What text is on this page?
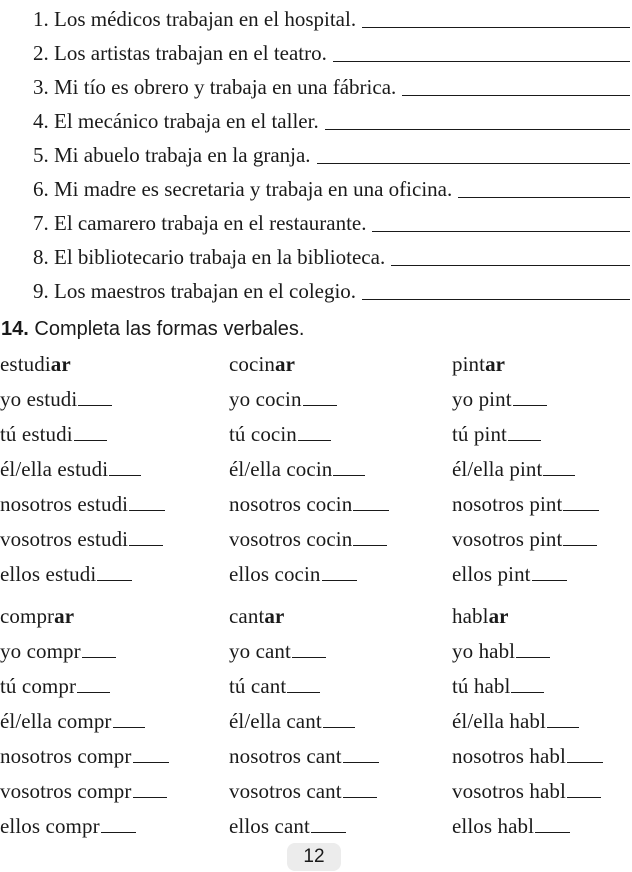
1. Los médicos trabajan en el hospital.
2. Los artistas trabajan en el teatro.
3. Mi tío es obrero y trabaja en una fábrica.
4. El mecánico trabaja en el taller.
5. Mi abuelo trabaja en la granja.
6. Mi madre es secretaria y trabaja en una oficina.
7. El camarero trabaja en el restaurante.
8. El bibliotecario trabaja en la biblioteca.
9. Los maestros trabajan en el colegio.
14. Completa las formas verbales.
estudiar	cocinar	pintar
yo estudi	yo cocin	yo pint
tú estudi	tú cocin	tú pint
él/ella estudi	él/ella cocin	él/ella pint
nosotros estudi	nosotros cocin	nosotros pint
vosotros estudi	vosotros cocin	vosotros pint
ellos estudi	ellos cocin	ellos pint
comprar	cantar	hablar
yo compr	yo cant	yo habl
tú compr	tú cant	tú habl
él/ella compr	él/ella cant	él/ella habl
nosotros compr	nosotros cant	nosotros habl
vosotros compr	vosotros cant	vosotros habl
ellos compr	ellos cant	ellos habl
12
